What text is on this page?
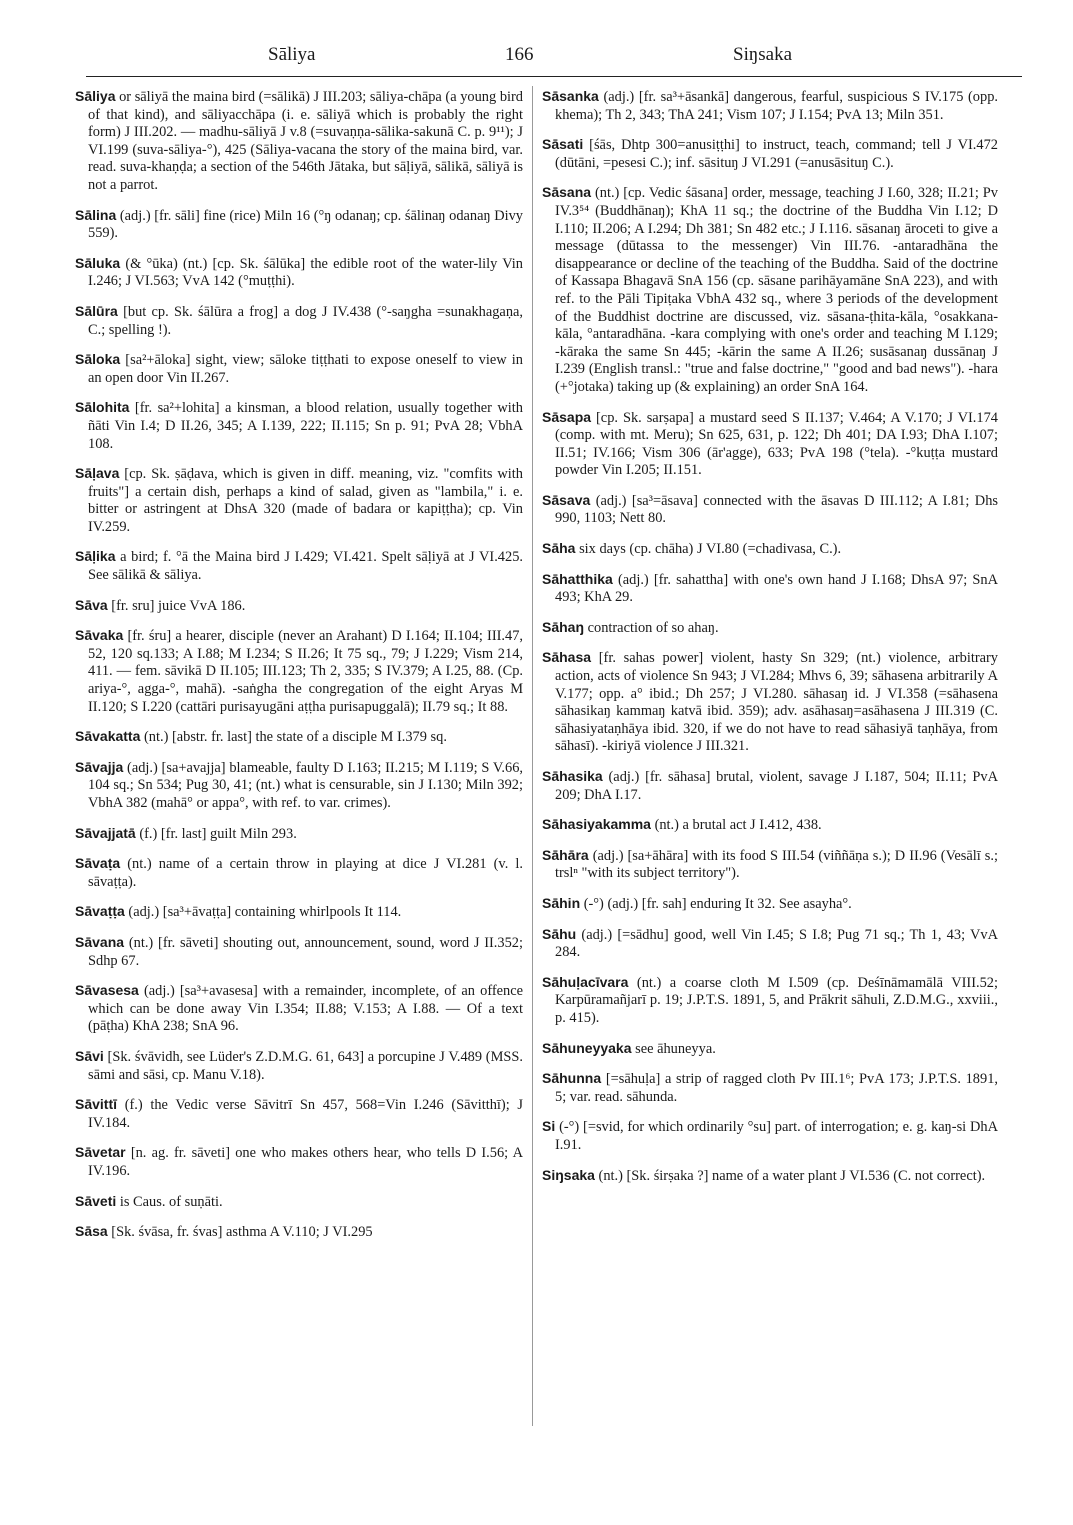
Sāliya	166	Siŋsaka

Sāliya or sāliyā the maina bird (=sālikā) J III.203; sāliya-chāpa (a young bird of that kind), and sāliyacchāpa (i. e. sāliyā which is probably the right form) J III.202. — madhu-sāliyā J v.8 (=suvaṇṇa-sālika-sakunā C. p. 9¹¹); J VI.199 (suva-sāliya-°), 425 (Sāliya-vacana the story of the maina bird, var. read. suva-khaṇḍa; a section of the 546th Jātaka, but sāḷiyā, sālikā, sāliyā is not a parrot.

Sālina (adj.) [fr. sāli] fine (rice) Miln 16 (°ŋ odanaŋ; cp. śālinaŋ odanaŋ Divy 559).

Sāluka (& °ūka) (nt.) [cp. Sk. śālūka] the edible root of the water-lily Vin I.246; J VI.563; VvA 142 (°muṭṭhi).

Sālūra [but cp. Sk. śālūra a frog] a dog J IV.438 (°-saŋgha =sunakhagaṇa, C.; spelling !).

Sāloka [sa²+āloka] sight, view; sāloke tiṭṭhati to expose oneself to view in an open door Vin II.267.

Sālohita [fr. sa²+lohita] a kinsman, a blood relation, usually together with ñāti Vin I.4; D II.26, 345; A I.139, 222; II.115; Sn p. 91; PvA 28; VbhA 108.

Sāḷava [cp. Sk. ṣāḍava, which is given in diff. meaning, viz. "comfits with fruits"] a certain dish, perhaps a kind of salad, given as "lambila," i. e. bitter or astringent at DhsA 320 (made of badara or kapiṭṭha); cp. Vin IV.259.

Sāḷika a bird; f. °ā the Maina bird J I.429; VI.421. Spelt sāḷiyā at J VI.425. See sālikā & sāliya.

Sāva [fr. sru] juice VvA 186.

Sāvaka [fr. śru] a hearer, disciple (never an Arahant) D I.164; II.104; III.47, 52, 120 sq.133; A I.88; M I.234; S II.26; It 75 sq., 79; J I.229; Vism 214, 411. — fem. sāvikā D II.105; III.123; Th 2, 335; S IV.379; A I.25, 88. (Cp. ariya-°, agga-°, mahā). -saṅgha the congregation of the eight Aryas M II.120; S I.220 (cattāri purisayugāni aṭṭha purisapuggalā); II.79 sq.; It 88.

Sāvakatta (nt.) [abstr. fr. last] the state of a disciple M I.379 sq.

Sāvajja (adj.) [sa+avajja] blameable, faulty D I.163; II.215; M I.119; S V.66, 104 sq.; Sn 534; Pug 30, 41; (nt.) what is censurable, sin J I.130; Miln 392; VbhA 382 (mahā° or appa°, with ref. to var. crimes).

Sāvajjatā (f.) [fr. last] guilt Miln 293.

Sāvaṭa (nt.) name of a certain throw in playing at dice J VI.281 (v. l. sāvaṭṭa).

Sāvaṭṭa (adj.) [sa³+āvaṭṭa] containing whirlpools It 114.

Sāvana (nt.) [fr. sāveti] shouting out, announcement, sound, word J II.352; Sdhp 67.

Sāvasesa (adj.) [sa³+avasesa] with a remainder, incomplete, of an offence which can be done away Vin I.354; II.88; V.153; A I.88. — Of a text (pāṭha) KhA 238; SnA 96.

Sāvi [Sk. śvāvidh, see Lüder's Z.D.M.G. 61, 643] a porcupine J V.489 (MSS. sāmi and sāsi, cp. Manu V.18).

Sāvittī (f.) the Vedic verse Sāvitrī Sn 457, 568=Vin I.246 (Sāvitthī); J IV.184.

Sāvetar [n. ag. fr. sāveti] one who makes others hear, who tells D I.56; A IV.196.

Sāveti is Caus. of suṇāti.

Sāsa [Sk. śvāsa, fr. śvas] asthma A V.110; J VI.295

Sāsanka (adj.) [fr. sa³+āsankā] dangerous, fearful, suspicious S IV.175 (opp. khema); Th 2, 343; ThA 241; Vism 107; J I.154; PvA 13; Miln 351.

Sāsati [śās, Dhtp 300=anusiṭṭhi] to instruct, teach, command; tell J VI.472 (dūtāni, =pesesi C.); inf. sāsituŋ J VI.291 (=anusāsituŋ C.).

Sāsana (nt.) [cp. Vedic śāsana] order, message, teaching J I.60, 328; II.21; Pv IV.3⁵⁴ (Buddhānaŋ); KhA 11 sq.; the doctrine of the Buddha Vin I.12; D I.110; II.206; A I.294; Dh 381; Sn 482 etc.; J I.116. sāsanaŋ āroceti to give a message (dūtassa to the messenger) Vin III.76. -antaradhāna the disappearance or decline of the teaching of the Buddha. Said of the doctrine of Kassapa Bhagavā SnA 156 (cp. sāsane parihāyamāne SnA 223), and with ref. to the Pāli Tipiṭaka VbhA 432 sq., where 3 periods of the development of the Buddhist doctrine are discussed, viz. sāsana-ṭhita-kāla, °osakkana-kāla, °antaradhāna. -kara complying with one's order and teaching M I.129; -kāraka the same Sn 445; -kārin the same A II.26; susāsanaŋ dussānaŋ J I.239 (English transl.: "true and false doctrine," "good and bad news"). -hara (+°jotaka) taking up (& explaining) an order SnA 164.

Sāsapa [cp. Sk. sarṣapa] a mustard seed S II.137; V.464; A V.170; J VI.174 (comp. with mt. Meru); Sn 625, 631, p. 122; Dh 401; DA I.93; DhA I.107; II.51; IV.166; Vism 306 (ār'agge), 633; PvA 198 (°tela). -°kuṭṭa mustard powder Vin I.205; II.151.

Sāsava (adj.) [sa³=āsava] connected with the āsavas D III.112; A I.81; Dhs 990, 1103; Nett 80.

Sāha six days (cp. chāha) J VI.80 (=chadivasa, C.).

Sāhatthika (adj.) [fr. sahattha] with one's own hand J I.168; DhsA 97; SnA 493; KhA 29.

Sāhaŋ contraction of so ahaŋ.

Sāhasa [fr. sahas power] violent, hasty Sn 329; (nt.) violence, arbitrary action, acts of violence Sn 943; J VI.284; Mhvs 6, 39; sāhasena arbitrarily A V.177; opp. a° ibid.; Dh 257; J VI.280. sāhasaŋ id. J VI.358 (=sāhasena sāhasikaŋ kammaŋ katvā ibid. 359); adv. asāhasaŋ=asāhasena J III.319 (C. sāhasiyataṇhāya ibid. 320, if we do not have to read sāhasiyā taṇhāya, from sāhasī). -kiriyā violence J III.321.

Sāhasika (adj.) [fr. sāhasa] brutal, violent, savage J I.187, 504; II.11; PvA 209; DhA I.17.

Sāhasiyakamma (nt.) a brutal act J I.412, 438.

Sāhāra (adj.) [sa+āhāra] with its food S III.54 (viññāṇa s.); D II.96 (Vesālī s.; trslⁿ "with its subject territory").

Sāhin (-°) (adj.) [fr. sah] enduring It 32. See asayha°.

Sāhu (adj.) [=sādhu] good, well Vin I.45; S I.8; Pug 71 sq.; Th 1, 43; VvA 284.

Sāhuḷacīvara (nt.) a coarse cloth M I.509 (cp. Deśīnāmamālā VIII.52; Karpūramañjarī p. 19; J.P.T.S. 1891, 5, and Prākrit sāhuli, Z.D.M.G., xxviii., p. 415).

Sāhuneyyaka see āhuneyya.

Sāhunna [=sāhuḷa] a strip of ragged cloth Pv III.1⁶; PvA 173; J.P.T.S. 1891, 5; var. read. sāhunda.

Si (-°) [=svid, for which ordinarily °su] part. of interrogation; e. g. kaŋ-si DhA I.91.

Siŋsaka (nt.) [Sk. śirṣaka ?] name of a water plant J VI.536 (C. not correct).
